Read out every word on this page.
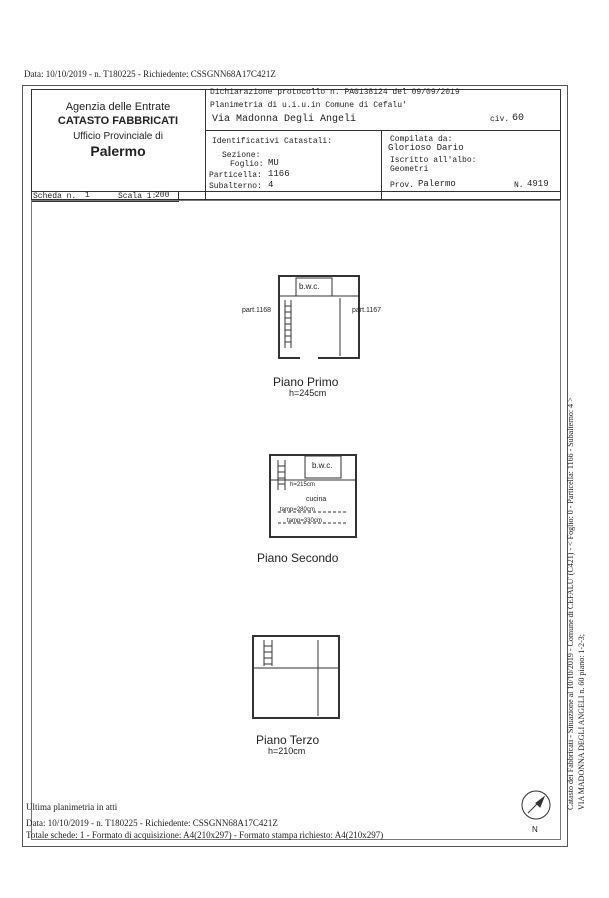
Data: 10/10/2019 - n. T180225 - Richiedente: CSSGNN68A17C421Z
Agenzia delle Entrate
CATASTO FABBRICATI
Ufficio Provinciale di
Palermo
Dichiarazione protocollo n. PA0138124 del 09/09/2019
Planimetria di u.i.u.in Comune di Cefalu'
Via Madonna Degli Angeli	civ. 60
Identificativi Catastali:
Sezione:
Foglio: MU
Particella: 1166
Subalterno: 4
Compilata da:
Glorioso Dario
Iscritto all'albo:
Geometri
Prov. Palermo	N. 4919
Scheda n. 1	Scala 1:
200
b.w.c.
part.1168	part.1167
Piano Primo
h=245cm
b.w.c.
h=215cm
cucina
tamp=280cm
tamp=330cm
Piano Secondo
Piano Terzo
h=210cm	Catasto dei Fabbricati - Situazione al 10/10/2019 - Comune di CEFALU' (C421) - < Foglio: 0 - Particella: 1166 - Subalterno: 4 > VIA MADONNA DEGLI ANGELI n. 60 piano: 1-2-3;
N
Ultima planimetria in atti
Data: 10/10/2019 - n. T180225 - Richiedente: CSSGNN68A17C421Z
Totale schede: 1 - Formato di acquisizione: A4(210x297) - Formato stampa richiesto: A4(210x297)
